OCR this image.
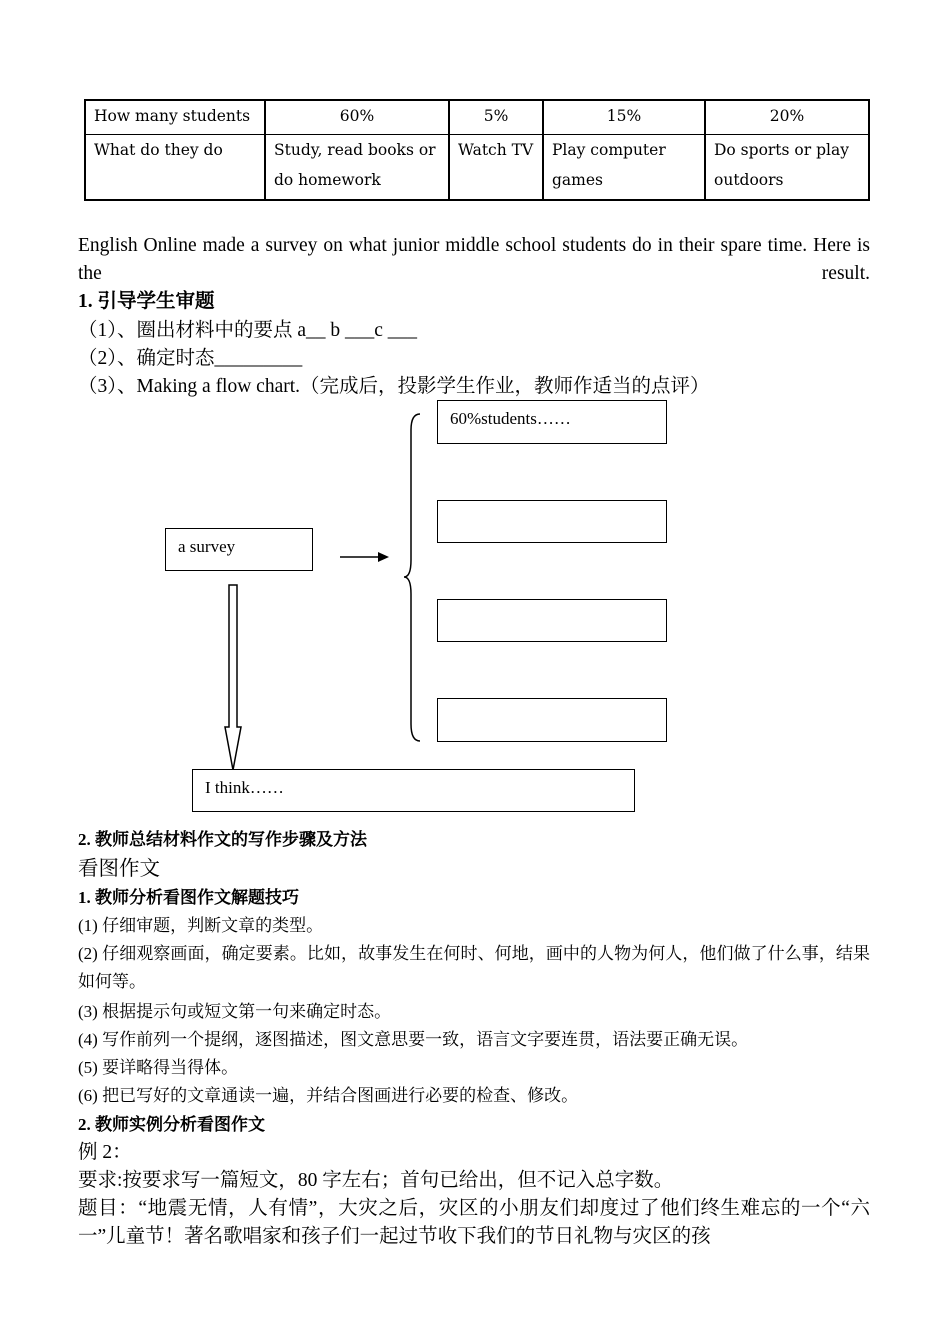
How many students	60%	5%	15%	20%
What do they do	Study, read books or do homework	Watch TV	Play computer games	Do sports or play outdoors
English Online made a survey on what junior middle school students do in their spare time. Here is the result.
1. 引导学生审题
（1）、圈出材料中的要点 a__ b ___c ___
（2）、确定时态_________
（3）、Making a flow chart.（完成后，投影学生作业，教师作适当的点评）
a survey
60%students……
I think……
2. 教师总结材料作文的写作步骤及方法
看图作文
1. 教师分析看图作文解题技巧
(1) 仔细审题，判断文章的类型。
(2) 仔细观察画面，确定要素。比如，故事发生在何时、何地，画中的人物为何人，他们做了什么事，结果如何等。
(3) 根据提示句或短文第一句来确定时态。
(4) 写作前列一个提纲，逐图描述，图文意思要一致，语言文字要连贯，语法要正确无误。
(5) 要详略得当得体。
(6) 把已写好的文章通读一遍，并结合图画进行必要的检查、修改。
2. 教师实例分析看图作文
例 2：
要求:按要求写一篇短文，80 字左右；首句已给出，但不记入总字数。
题目：“地震无情，人有情”，大灾之后，灾区的小朋友们却度过了他们终生难忘的一个“六一”儿童节！著名歌唱家和孩子们一起过节收下我们的节日礼物与灾区的孩
